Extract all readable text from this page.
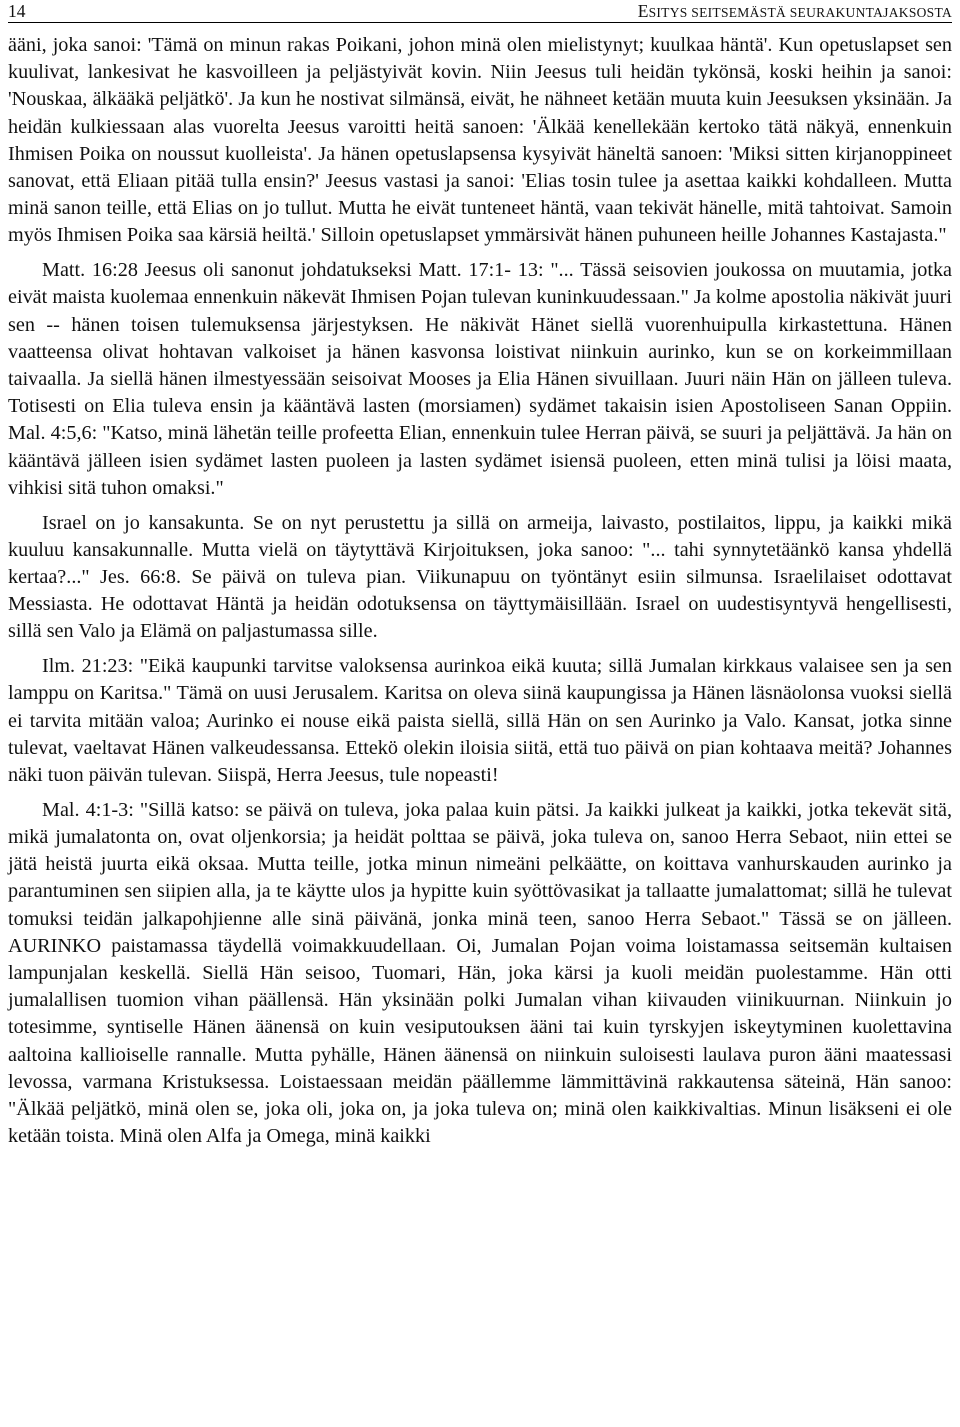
14	ESITYS SEITSEMÄSTÄ SEURAKUNTAJAKSOSTA

ääni, joka sanoi: 'Tämä on minun rakas Poikani, johon minä olen mielistynyt; kuulkaa häntä'. Kun opetuslapset sen kuulivat, lankesivat he kasvoilleen ja peljästyivät kovin. Niin Jeesus tuli heidän tykönsä, koski heihin ja sanoi: 'Nouskaa, älkääkä peljätkö'. Ja kun he nostivat silmänsä, eivät, he nähneet ketään muuta kuin Jeesuksen yksinään. Ja heidän kulkiessaan alas vuorelta Jeesus varoitti heitä sanoen: 'Älkää kenellekään kertoko tätä näkyä, ennenkuin Ihmisen Poika on noussut kuolleista'. Ja hänen opetuslapsensa kysyivät häneltä sanoen: 'Miksi sitten kirjanoppineet sanovat, että Eliaan pitää tulla ensin?' Jeesus vastasi ja sanoi: 'Elias tosin tulee ja asettaa kaikki kohdalleen. Mutta minä sanon teille, että Elias on jo tullut. Mutta he eivät tunteneet häntä, vaan tekivät hänelle, mitä tahtoivat. Samoin myös Ihmisen Poika saa kärsiä heiltä.' Silloin opetuslapset ymmärsivät hänen puhuneen heille Johannes Kastajasta."

Matt. 16:28 Jeesus oli sanonut johdatukseksi Matt. 17:1- 13: "... Tässä seisovien joukossa on muutamia, jotka eivät maista kuolemaa ennenkuin näkevät Ihmisen Pojan tulevan kuninkuudessaan." Ja kolme apostolia näkivät juuri sen -- hänen toisen tulemuksensa järjestyksen. He näkivät Hänet siellä vuorenhuipulla kirkastettuna. Hänen vaatteensa olivat hohtavan valkoiset ja hänen kasvonsa loistivat niinkuin aurinko, kun se on korkeimmillaan taivaalla. Ja siellä hänen ilmestyessään seisoivat Mooses ja Elia Hänen sivuillaan. Juuri näin Hän on jälleen tuleva. Totisesti on Elia tuleva ensin ja kääntävä lasten (morsiamen) sydämet takaisin isien Apostoliseen Sanan Oppiin. Mal. 4:5,6: "Katso, minä lähetän teille profeetta Elian, ennenkuin tulee Herran päivä, se suuri ja peljättävä. Ja hän on kääntävä jälleen isien sydämet lasten puoleen ja lasten sydämet isiensä puoleen, etten minä tulisi ja löisi maata, vihkisi sitä tuhon omaksi."

Israel on jo kansakunta. Se on nyt perustettu ja sillä on armeija, laivasto, postilaitos, lippu, ja kaikki mikä kuuluu kansakunnalle. Mutta vielä on täytyttävä Kirjoituksen, joka sanoo: "... tahi synnytetäänkö kansa yhdellä kertaa?..." Jes. 66:8. Se päivä on tuleva pian. Viikunapuu on työntänyt esiin silmunsa. Israelilaiset odottavat Messiasta. He odottavat Häntä ja heidän odotuksensa on täyttymäisillään. Israel on uudestisyntyvä hengellisesti, sillä sen Valo ja Elämä on paljastumassa sille.

Ilm. 21:23: "Eikä kaupunki tarvitse valoksensa aurinkoa eikä kuuta; sillä Jumalan kirkkaus valaisee sen ja sen lamppu on Karitsa." Tämä on uusi Jerusalem. Karitsa on oleva siinä kaupungissa ja Hänen läsnäolonsa vuoksi siellä ei tarvita mitään valoa; Aurinko ei nouse eikä paista siellä, sillä Hän on sen Aurinko ja Valo. Kansat, jotka sinne tulevat, vaeltavat Hänen valkeudessansa. Ettekö olekin iloisia siitä, että tuo päivä on pian kohtaava meitä? Johannes näki tuon päivän tulevan. Siispä, Herra Jeesus, tule nopeasti!

Mal. 4:1-3: "Sillä katso: se päivä on tuleva, joka palaa kuin pätsi. Ja kaikki julkeat ja kaikki, jotka tekevät sitä, mikä jumalatonta on, ovat oljenkorsia; ja heidät polttaa se päivä, joka tuleva on, sanoo Herra Sebaot, niin ettei se jätä heistä juurta eikä oksaa. Mutta teille, jotka minun nimeäni pelkäätte, on koittava vanhurskauden aurinko ja parantuminen sen siipien alla, ja te käytte ulos ja hypitte kuin syöttövasikat ja tallaatte jumalattomat; sillä he tulevat tomuksi teidän jalkapohjienne alle sinä päivänä, jonka minä teen, sanoo Herra Sebaot." Tässä se on jälleen. AURINKO paistamassa täydellä voimakkuudellaan. Oi, Jumalan Pojan voima loistamassa seitsemän kultaisen lampunjalan keskellä. Siellä Hän seisoo, Tuomari, Hän, joka kärsi ja kuoli meidän puolestamme. Hän otti jumalallisen tuomion vihan päällensä. Hän yksinään polki Jumalan vihan kiivauden viinikuurnan. Niinkuin jo totesimme, syntiselle Hänen äänensä on kuin vesiputouksen ääni tai kuin tyrskyjen iskeytyminen kuolettavina aaltoina kallioiselle rannalle. Mutta pyhälle, Hänen äänensä on niinkuin suloisesti laulava puron ääni maatessasi levossa, varmana Kristuksessa. Loistaessaan meidän päällemme lämmittävinä rakkautensa säteinä, Hän sanoo: "Älkää peljätkö, minä olen se, joka oli, joka on, ja joka tuleva on; minä olen kaikkivaltias. Minun lisäkseni ei ole ketään toista. Minä olen Alfa ja Omega, minä kaikki
